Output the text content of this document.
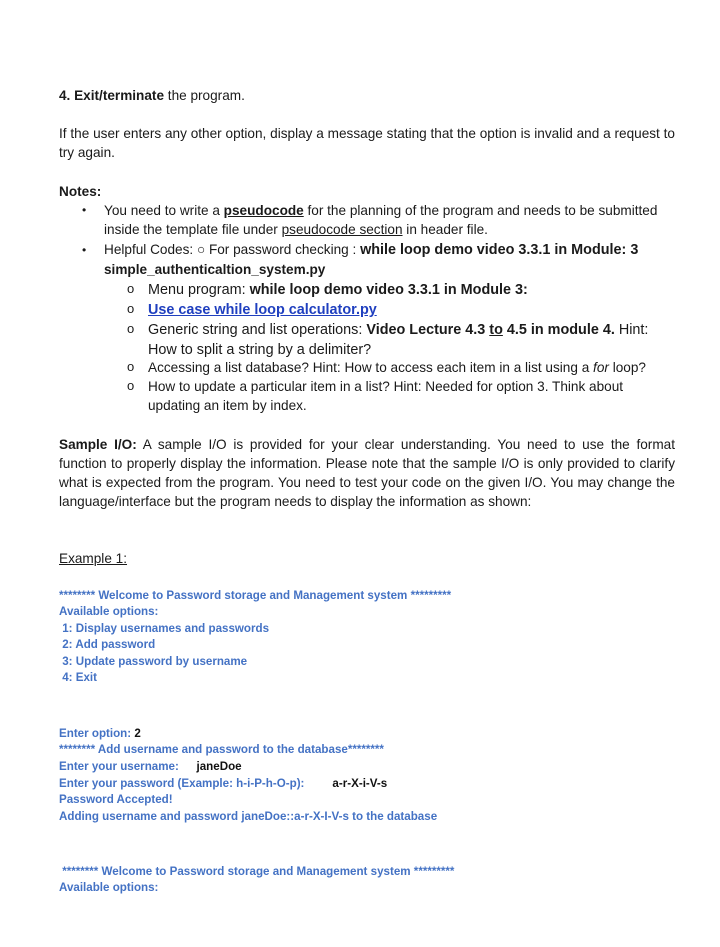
4. Exit/terminate the program.

If the user enters any other option, display a message stating that the option is invalid and a request to try again.

Notes:

• You need to write a pseudocode for the planning of the program and needs to be submitted inside the template file under pseudocode section in header file.
• Helpful Codes: ○ For password checking : while loop demo video 3.3.1 in Module: 3
simple_authenticaltion_system.py
o Menu program: while loop demo video 3.3.1 in Module 3:
o Use case while loop calculator.py
o Generic string and list operations: Video Lecture 4.3 to 4.5 in module 4. Hint: How to split a string by a delimiter?
o Accessing a list database? Hint: How to access each item in a list using a for loop?
o How to update a particular item in a list? Hint: Needed for option 3. Think about updating an item by index.

Sample I/O: A sample I/O is provided for your clear understanding. You need to use the format function to properly display the information. Please note that the sample I/O is only provided to clarify what is expected from the program. You need to test your code on the given I/O. You may change the language/interface but the program needs to display the information as shown:

Example 1:

******** Welcome to Password storage and Management system *********
Available options:
1: Display usernames and passwords
2: Add password
3: Update password by username
4: Exit
Enter option: 2
******** Add username and password to the database********
Enter your username:   janeDoe
Enter your password (Example: h-i-P-h-O-p): a-r-X-i-V-s
Password Accepted!
Adding username and password janeDoe::a-r-X-I-V-s to the database
******** Welcome to Password storage and Management system *********
Available options:
